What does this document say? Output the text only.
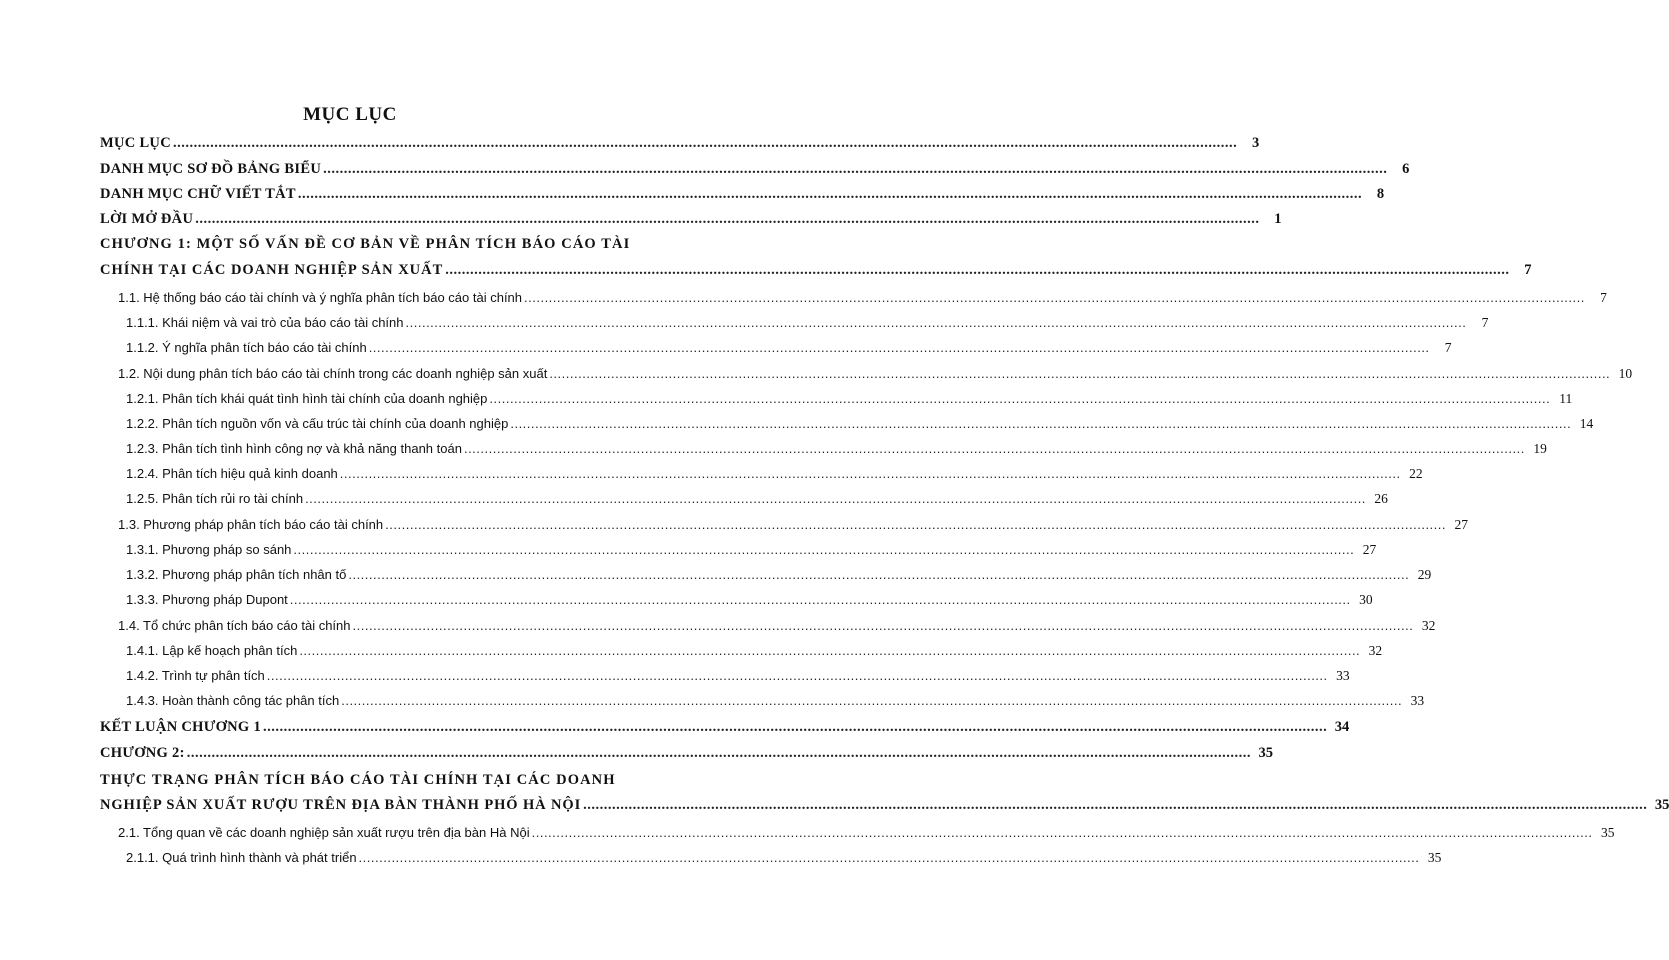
MỤC LỤC
MỤC LỤC ..................................................................................................................................................................................................................................................................	3
DANH MỤC SƠ ĐỒ BẢNG BIỂU ..................................................................................................................................................................................................................................................................	6
DANH MỤC CHỮ VIẾT TẮT ..................................................................................................................................................................................................................................................................	8
LỜI MỞ ĐẦU ..................................................................................................................................................................................................................................................................	1
CHƯƠNG 1: MỘT SỐ VẤN ĐỀ CƠ BẢN VỀ PHÂN TÍCH BÁO CÁO TÀI
CHÍNH TẠI CÁC DOANH NGHIỆP SẢN XUẤT ..................................................................................................................................................................................................................................................................	7
1.1. Hệ thống báo cáo tài chính và ý nghĩa phân tích báo cáo tài chính ..................................................................................................................................................................................................................................................................	7
1.1.1. Khái niệm và vai trò của báo cáo tài chính ..................................................................................................................................................................................................................................................................	7
1.1.2. Ý nghĩa phân tích báo cáo tài chính ..................................................................................................................................................................................................................................................................	7
1.2. Nội dung phân tích báo cáo tài chính trong các doanh nghiệp sản xuất .................................................................................................................................................................................................................................................................. 10
1.2.1. Phân tích khái quát tình hình tài chính của doanh nghiệp .................................................................................................................................................................................................................................................................. 11
1.2.2. Phân tích nguồn vốn và cấu trúc tài chính của doanh nghiệp .................................................................................................................................................................................................................................................................. 14
1.2.3. Phân tích tình hình công nợ và khả năng thanh toán .................................................................................................................................................................................................................................................................. 19
1.2.4. Phân tích hiệu quả kinh doanh .................................................................................................................................................................................................................................................................. 22
1.2.5. Phân tích rủi ro tài chính .................................................................................................................................................................................................................................................................. 26
1.3. Phương pháp phân tích báo cáo tài chính .................................................................................................................................................................................................................................................................. 27
1.3.1. Phương pháp so sánh .................................................................................................................................................................................................................................................................. 27
1.3.2. Phương pháp phân tích nhân tố .................................................................................................................................................................................................................................................................. 29
1.3.3. Phương pháp Dupont .................................................................................................................................................................................................................................................................. 30
1.4. Tổ chức phân tích báo cáo tài chính .................................................................................................................................................................................................................................................................. 32
1.4.1. Lập kế hoạch phân tích .................................................................................................................................................................................................................................................................. 32
1.4.2. Trình tự phân tích .................................................................................................................................................................................................................................................................. 33
1.4.3. Hoàn thành công tác phân tích .................................................................................................................................................................................................................................................................. 33
KẾT LUẬN CHƯƠNG 1 .................................................................................................................................................................................................................................................................. 34
CHƯƠNG 2: .................................................................................................................................................................................................................................................................. 35
THỰC TRẠNG PHÂN TÍCH BÁO CÁO TÀI CHÍNH TẠI CÁC DOANH
NGHIỆP SẢN XUẤT RƯỢU TRÊN ĐỊA BÀN THÀNH PHỐ HÀ NỘI .................................................................................................................................................................................................................................................................. 35
2.1. Tổng quan về các doanh nghiệp sản xuất rượu trên địa bàn Hà Nội .................................................................................................................................................................................................................................................................. 35
2.1.1. Quá trình hình thành và phát triển .................................................................................................................................................................................................................................................................. 35
